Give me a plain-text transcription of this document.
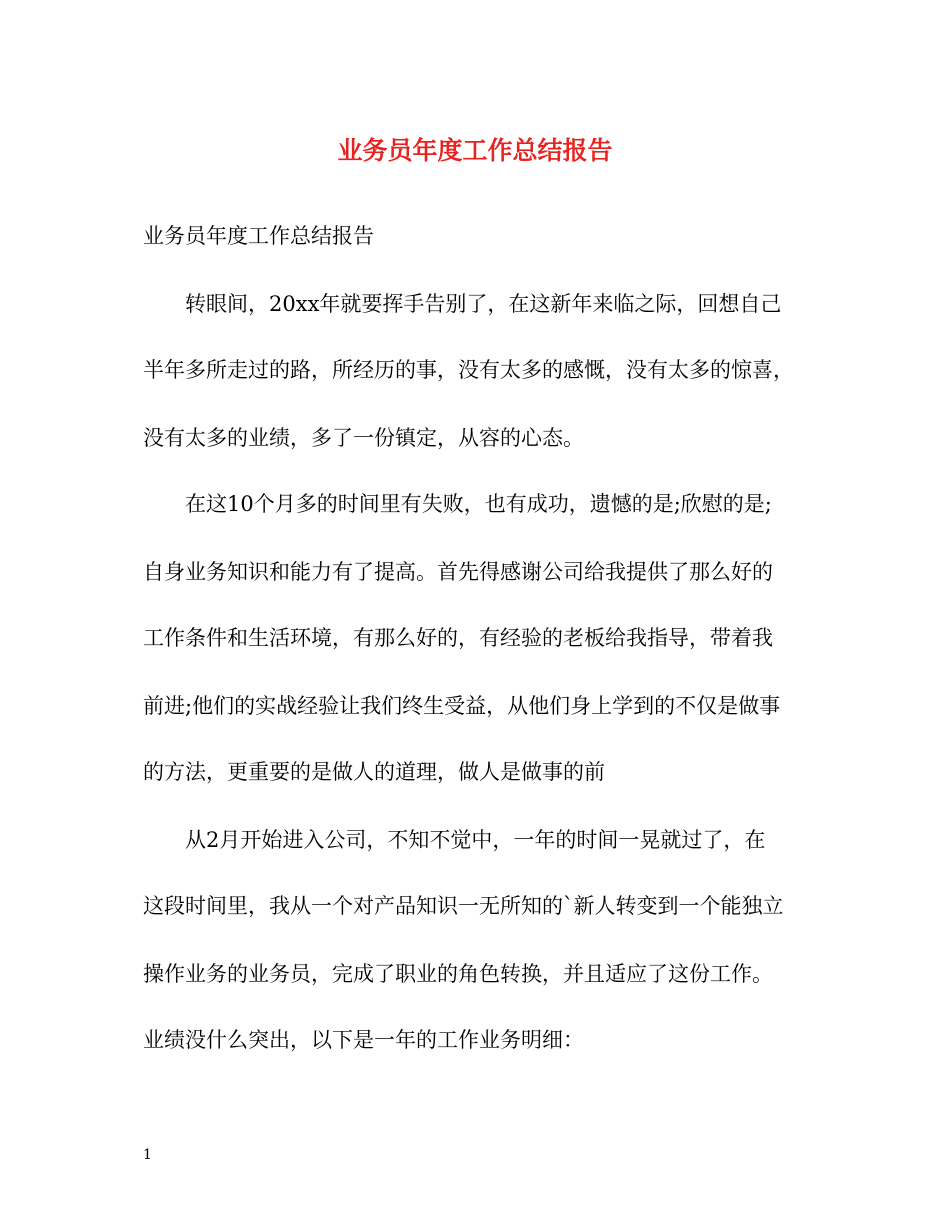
业务员年度工作总结报告
业务员年度工作总结报告
转眼间，20xx年就要挥手告别了，在这新年来临之际，回想自己
半年多所走过的路，所经历的事，没有太多的感慨，没有太多的惊喜，
没有太多的业绩，多了一份镇定，从容的心态。
在这10个月多的时间里有失败，也有成功，遗憾的是;欣慰的是;
自身业务知识和能力有了提高。首先得感谢公司给我提供了那么好的
工作条件和生活环境，有那么好的，有经验的老板给我指导，带着我
前进;他们的实战经验让我们终生受益，从他们身上学到的不仅是做事
的方法，更重要的是做人的道理，做人是做事的前
从2月开始进入公司，不知不觉中，一年的时间一晃就过了，在
这段时间里，我从一个对产品知识一无所知的`新人转变到一个能独立
操作业务的业务员，完成了职业的角色转换，并且适应了这份工作。
业绩没什么突出，以下是一年的工作业务明细：
1
